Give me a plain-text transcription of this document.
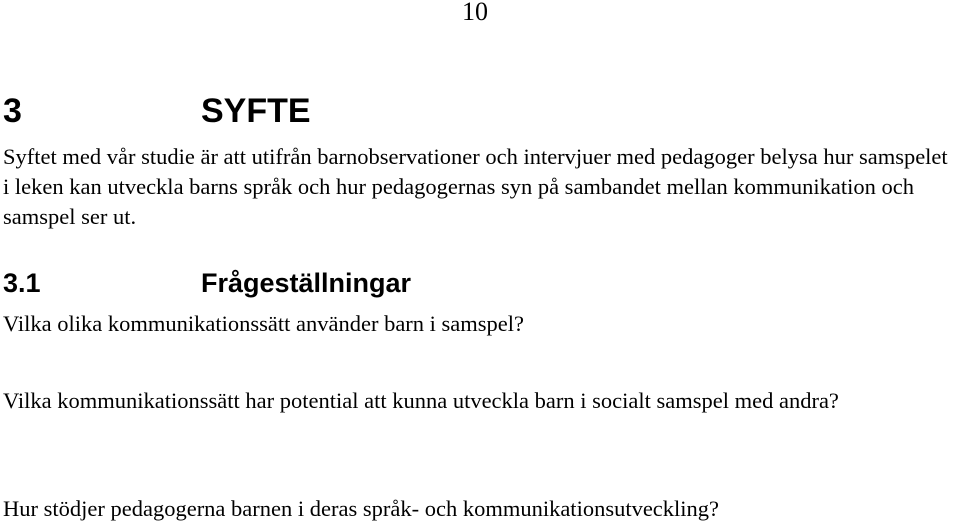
10
3	SYFTE

Syftet med vår studie är att utifrån barnobservationer och intervjuer med pedagoger belysa hur samspelet i leken kan utveckla barns språk och hur pedagogernas syn på sambandet mellan kommunikation och samspel ser ut.

3.1	Frågeställningar

Vilka olika kommunikationssätt använder barn i samspel?

Vilka kommunikationssätt har potential att kunna utveckla barn i socialt samspel med andra?

Hur stödjer pedagogerna barnen i deras språk- och kommunikationsutveckling?
